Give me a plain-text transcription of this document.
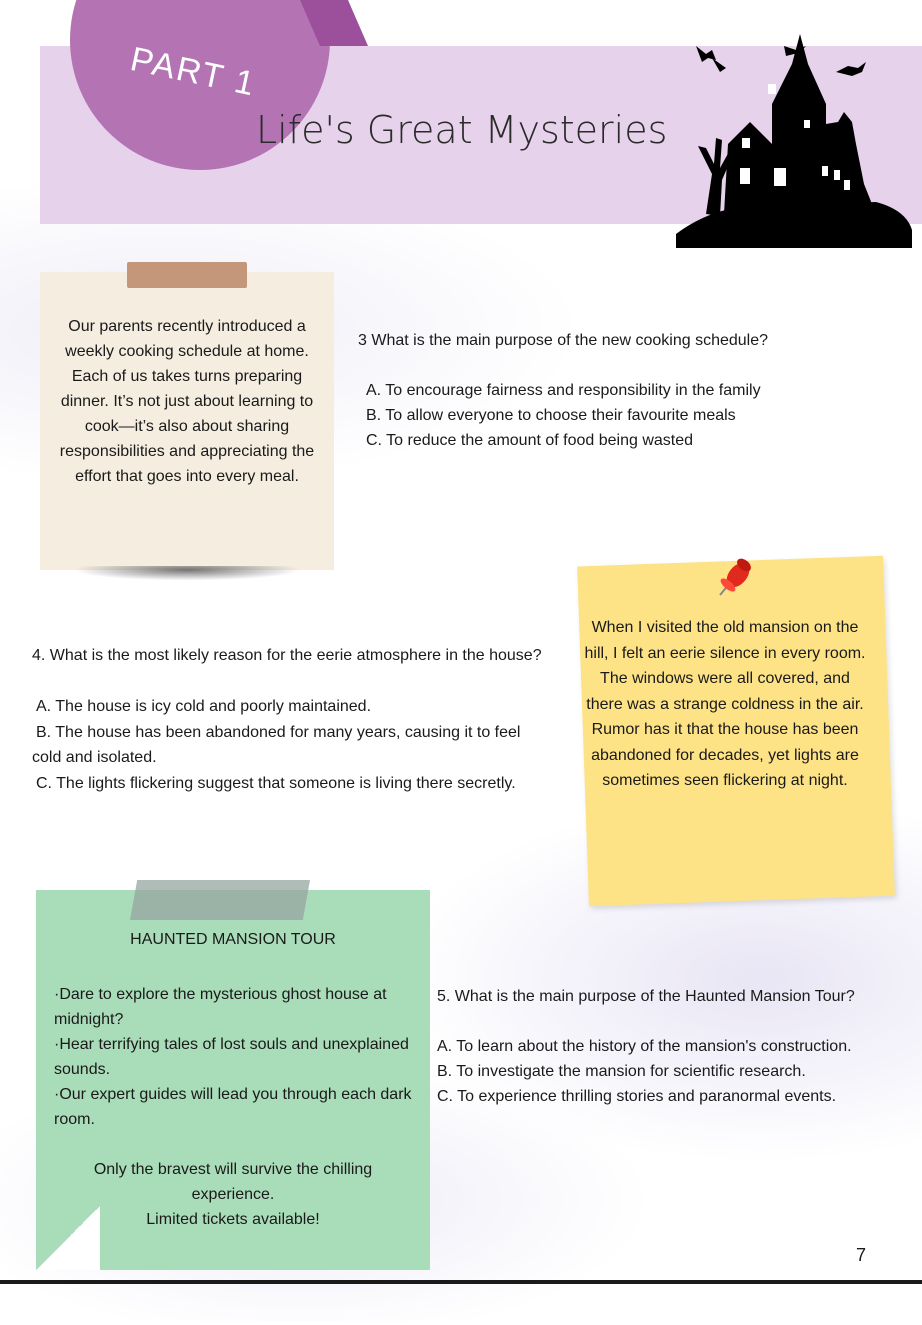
PART 1
Life's Great Mysteries
Our parents recently introduced a weekly cooking schedule at home. Each of us takes turns preparing dinner. It’s not just about learning to cook—it’s also about sharing responsibilities and appreciating the effort that goes into every meal.

3 What is the main purpose of the new cooking schedule?

A. To encourage fairness and responsibility in the family

B. To allow everyone to choose their favourite meals

C. To reduce the amount of food being wasted

When I visited the old mansion on the hill, I felt an eerie silence in every room. The windows were all covered, and there was a strange coldness in the air. Rumor has it that the house has been abandoned for decades, yet lights are sometimes seen flickering at night.

4. What is the most likely reason for the eerie atmosphere in the house?

A. The house is icy cold and poorly maintained.

B. The house has been abandoned for many years, causing it to feel cold and isolated.

C. The lights flickering suggest that someone is living there secretly.

HAUNTED MANSION TOUR

·Dare to explore the mysterious ghost house at midnight?

·Hear terrifying tales of lost souls and unexplained sounds.

·Our expert guides will lead you through each dark room.

Only the bravest will survive the chilling experience.

Limited tickets available!

5. What is the main purpose of the Haunted Mansion Tour?

A. To learn about the history of the mansion's construction.

B. To investigate the mansion for scientific research.

C. To experience thrilling stories and paranormal events.

7
